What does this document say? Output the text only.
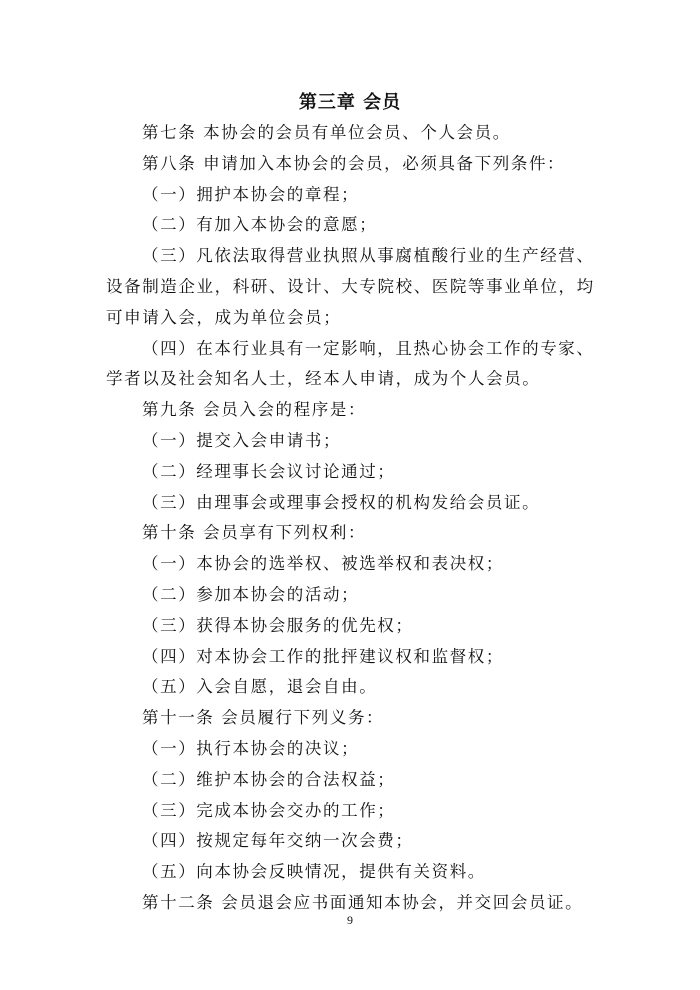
第三章 会员
第七条 本协会的会员有单位会员、个人会员。
第八条 申请加入本协会的会员，必须具备下列条件：
（一）拥护本协会的章程；
（二）有加入本协会的意愿；
（三）凡依法取得营业执照从事腐植酸行业的生产经营、
设备制造企业，科研、设计、大专院校、医院等事业单位，均
可申请入会，成为单位会员；
（四）在本行业具有一定影响，且热心协会工作的专家、
学者以及社会知名人士，经本人申请，成为个人会员。
第九条 会员入会的程序是：
（一）提交入会申请书；
（二）经理事长会议讨论通过；
（三）由理事会或理事会授权的机构发给会员证。
第十条 会员享有下列权利：
（一）本协会的选举权、被选举权和表决权；
（二）参加本协会的活动；
（三）获得本协会服务的优先权；
（四）对本协会工作的批抨建议权和监督权；
（五）入会自愿，退会自由。
第十一条 会员履行下列义务：
（一）执行本协会的决议；
（二）维护本协会的合法权益；
（三）完成本协会交办的工作；
（四）按规定每年交纳一次会费；
（五）向本协会反映情况，提供有关资料。
第十二条 会员退会应书面通知本协会，并交回会员证。
9
